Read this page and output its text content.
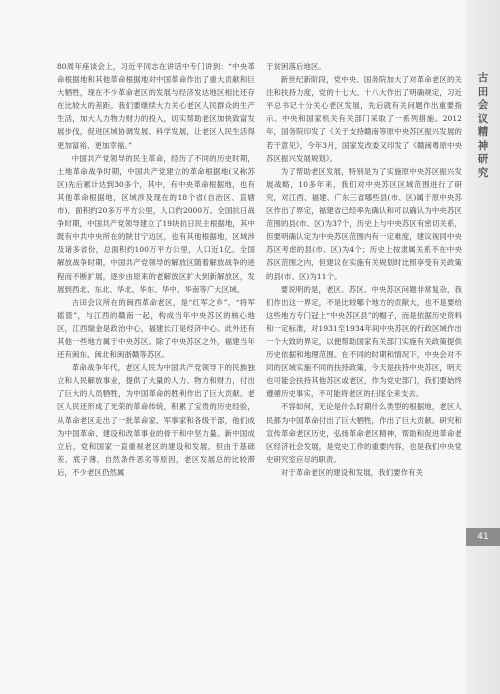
80周年座谈会上，习近平同志在讲话中专门讲到：“中央革命根据地和其他革命根据地对中国革命作出了重大贡献和巨大牺牲，现在不少革命老区的发展与经济发达地区相比还存在比较大的差距。我们要继续大力关心老区人民群众的生产生活，加大人力物力财力的投入，切实帮助老区加快致富发展步伐，促进区域协调发展、科学发展，让老区人民生活得更加富裕、更加幸福。”

中国共产党领导的民主革命，经历了不同的历史时期，土地革命战争时期，中国共产党建立的革命根据地(又称苏区)先后累计达到30多个，其中，有中央革命根据地，也有其他革命根据地，区域涉及现在的18个省(自治区、直辖市)，面积约20多万平方公里，人口约2000万。全国抗日战争时期，中国共产党领导建立了19块抗日民主根据地，其中既有中共中央所在的陕甘宁边区，也有其他根据地，区域涉及诸多省份，总面积约100万平方公里，人口近1亿。全国解放战争时期，中国共产党领导的解放区随着解放战争的进程而不断扩展，逐步由原来的老解放区扩大到新解放区，发展到西北、东北、华北、华东、华中、华南等广大区域。

古田会议所在的闽西革命老区，是“红军之乡”、“将军摇篮”，与江西的赣南一起，构成当年中央苏区的核心地区，江西瑞金是政治中心，福建长汀是经济中心。此外还有其他一些地方属于中央苏区。除了中央苏区之外，福建当年还有闽东、闽北和闽浙赣等苏区。

革命战争年代，老区人民为中国共产党领导下的民族独立和人民解放事业，提供了大量的人力、物力和财力，付出了巨大的人员牺牲，为中国革命的胜利作出了巨大贡献。老区人民还形成了光荣的革命传统，积累了宝贵的历史经验，从革命老区走出了一批革命家、军事家和各级干部，他们成为中国革命、建设和改革事业的骨干和中坚力量。新中国成立后，党和国家一直重视老区的建设和发展。但由于基础差、底子薄、自然条件恶劣等原因，老区发展总的比较滞后，不少老区仍然属

于贫困落后地区。

新世纪新阶段，党中央、国务院加大了对革命老区的关注和扶持力度，党的十七大、十八大作出了明确规定，习近平总书记十分关心老区发展，先后就有关问题作出重要指示。中央和国家机关有关部门采取了一系列措施。2012年，国务院印发了《关于支持赣南等原中央苏区振兴发展的若干意见》，今年3月，国家发改委又印发了《赣闽粤原中央苏区振兴发展规划》。

为了帮助老区发展，特别是为了实施原中央苏区振兴发展战略，10多年来，我们对中央苏区区域范围进行了研究，对江西、福建、广东三省哪些县(市、区)属于原中央苏区作出了界定，福建省已经率先确认和可以确认为中央苏区范围的县(市、区)为37个，历史上与中央苏区有密切关系，但要明确认定为中央苏区范围内有一定难度，建议视同中央苏区考虑的县(市、区)为4个；历史上按隶属关系不在中央苏区范围之内，但建议在实施有关规划时比照享受有关政策的县(市、区)为11个。

要说明的是，老区、苏区、中央苏区问题非常复杂，我们作出这一界定，不是比较哪个地方的贡献大，也不是要给这些地方专门冠上“中央苏区县”的帽子，而是依据历史资料和一定标准，对1931至1934年间中央苏区的行政区域作出一个大致的界定，以便帮助国家有关部门实施有关政策提供历史依据和地理范围。在不同的时期和情况下，中央会对不同的区域实施不同的扶持政策，今天是扶持中央苏区，明天也可能会扶持其他苏区或老区，作为党史部门，我们要始终遵循历史事实，不可能将老区的扫尾全来支去。

不容如何，无论是什么时期什么类型的根据地，老区人民都为中国革命付出了巨大牺牲，作出了巨大贡献。研究和宣传革命老区历史，弘扬革命老区精神，帮助和促进革命老区经济社会发展，是党史工作的重要内容，也是我们中央党史研究室应尽的职责。

对于革命老区的建设和发展，我们要作有关

古田会议精神研究
41
